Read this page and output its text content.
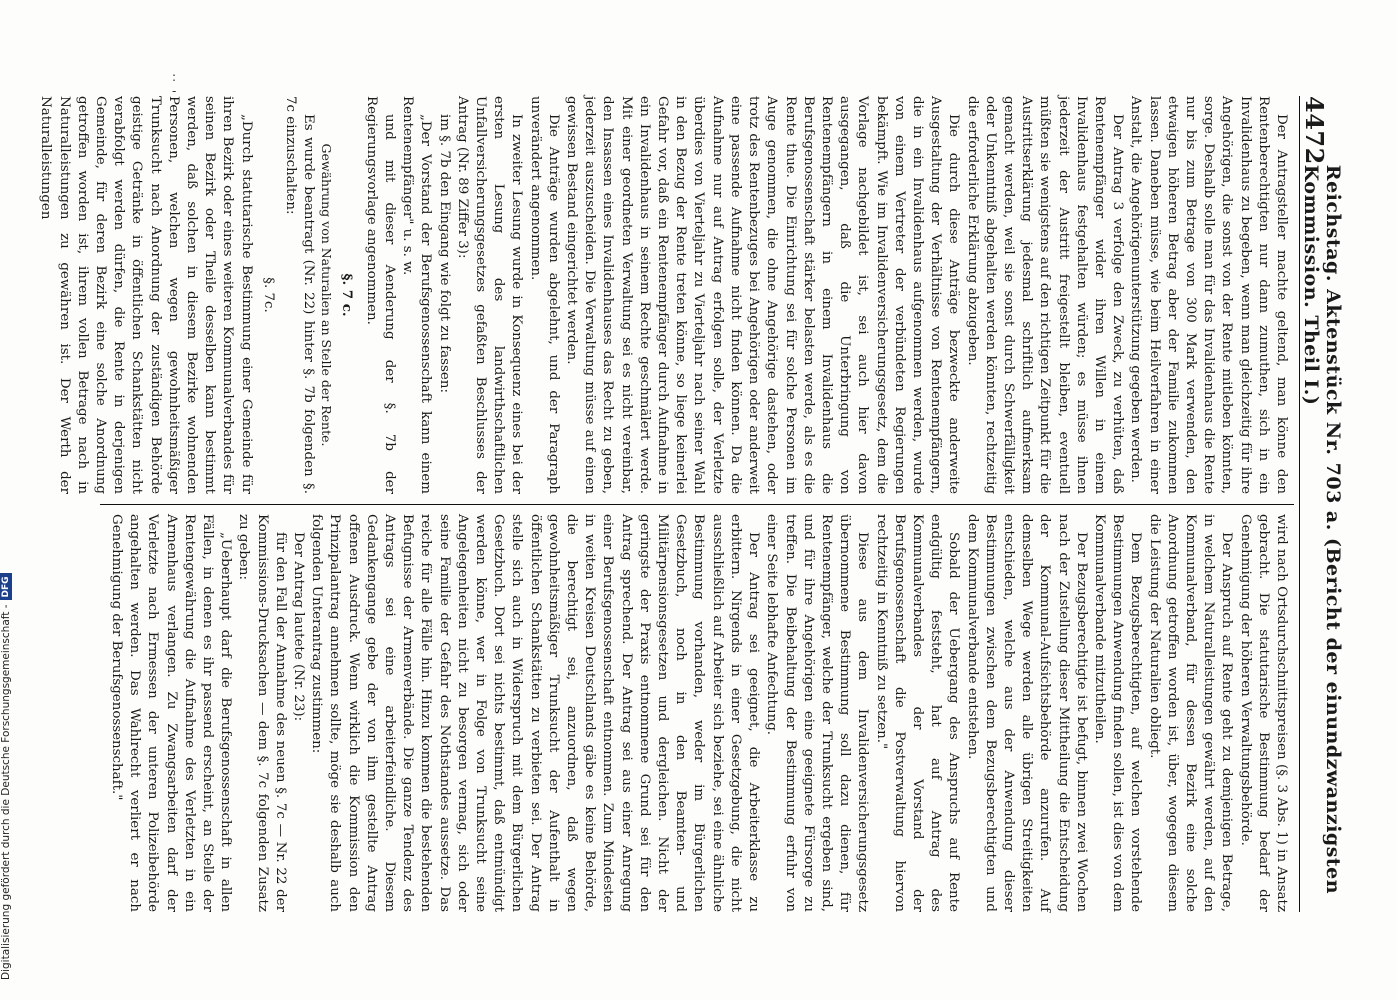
Digitalisierung gefördert durch die Deutsche Forschungsgemeinschaft -DFG
:
-
4472
Reichstag. Aktenstück Nr. 703 a. (Bericht der einundzwanzigsten Kommission. Theil I.)

Der Antragsteller machte geltend, man könne den Rentenberechtigten nur dann zumuthen, sich in ein Invalidenhaus zu begeben, wenn man gleichzeitig für ihre Angehörigen, die sonst von der Rente mitleben könnten, sorge. Deshalb solle man für das Invalidenhaus die Rente nur bis zum Betrage von 300 Mark verwenden, den etwaigen höheren Betrag aber der Familie zukommen lassen. Daneben müsse, wie beim Heilverfahren in einer Anstalt, die Angehörigenunterstützung gegeben werden.

Der Antrag 3 verfolge den Zweck, zu verhüten, daß Rentenempfänger wider ihren Willen in einem Invalidenhaus festgehalten würden; es müsse ihnen jederzeit der Austritt freigestellt bleiben, eventuell müßten sie wenigstens auf den richtigen Zeitpunkt für die Austrittserklärung jedesmal schriftlich aufmerksam gemacht werden, weil sie sonst durch Schwerfälligkeit oder Unkenntniß abgehalten werden könnten, rechtzeitig die erforderliche Erklärung abzugeben.

Die durch diese Anträge bezweckte anderweite Ausgestaltung der Verhältnisse von Rentenempfängern, die in ein Invalidenhaus aufgenommen werden, wurde von einem Vertreter der verbündeten Regierungen bekämpft. Wie im Invalidenversicherungsgesetz, dem die Vorlage nachgebildet ist, sei auch hier davon ausgegangen, daß die Unterbringung von Rentenempfängern in einem Invalidenhaus die Berufsgenossenschaft stärker belasten werde, als es die Rente thue. Die Einrichtung sei für solche Personen im Auge genommen, die ohne Angehörige dastehen, oder trotz des Rentenbezuges bei Angehörigen oder anderweit eine passende Aufnahme nicht finden können. Da die Aufnahme nur auf Antrag erfolgen solle, der Verletzte überdies von Vierteljahr zu Vierteljahr nach seiner Wahl in den Bezug der Rente treten könne, so liege keinerlei Gefahr vor, daß ein Rentenempfänger durch Aufnahme in ein Invalidenhaus in seinem Rechte geschmälert werde. Mit einer geordneten Verwaltung sei es nicht vereinbar, den Insassen eines Invalidenhauses das Recht zu geben, jederzeit auszuscheiden. Die Verwaltung müsse auf einen gewissen Bestand eingerichtet werden.

Die Anträge wurden abgelehnt, und der Paragraph unverändert angenommen.

In zweiter Lesung wurde in Konsequenz eines bei der ersten Lesung des landwirthschaftlichen Unfallversicherungsgesetzes gefaßten Beschlusses der Antrag (Nr. 89 Ziffer 3):

im §. 7b den Eingang wie folgt zu fassen:

„Der Vorstand der Berufsgenossenschaft kann einem Rentenempfänger" u. s. w.

und mit dieser Aenderung der §. 7b der Regierungsvorlage angenommen.

§. 7 c.

Gewährung von Naturalien an Stelle der Rente.

Es wurde beantragt (Nr. 22) hinter §. 7b folgenden §. 7c einzuschalten:

§. 7c.

„Durch statutarische Bestimmung einer Gemeinde für ihren Bezirk oder eines weiteren Kommunalverbandes für seinen Bezirk oder Theile desselben kann bestimmt werden, daß solchen in diesem Bezirke wohnenden Personen, welchen wegen gewohnheitsmäßiger Trunksucht nach Anordnung der zuständigen Behörde geistige Getränke in öffentlichen Schankstätten nicht verabfolgt werden dürfen, die Rente in derjenigen Gemeinde, für deren Bezirk eine solche Anordnung getroffen worden ist, ihrem vollen Betrage nach in Naturalleistungen zu gewähren ist. Der Werth der Naturalleistungen

wird nach Ortsdurchschnittspreisen (§. 3 Abs. 1) in Ansatz gebracht. Die statutarische Bestimmung bedarf der Genehmigung der höheren Verwaltungsbehörde.

Der Anspruch auf Rente geht zu demjenigen Betrage, in welchem Naturalleistungen gewährt werden, auf den Kommunalverband, für dessen Bezirk eine solche Anordnung getroffen worden ist, über, wogegen diesem die Leistung der Naturalien obliegt.

Dem Bezugsberechtigten, auf welchen vorstehende Bestimmungen Anwendung finden sollen, ist dies von dem Kommunalverbande mitzutheilen.

Der Bezugsberechtigte ist befugt, binnen zwei Wochen nach der Zustellung dieser Mittheilung die Entscheidung der Kommunal-Aufsichtsbehörde anzurufen. Auf demselben Wege werden alle übrigen Streitigkeiten entschieden, welche aus der Anwendung dieser Bestimmungen zwischen dem Bezugsberechtigten und dem Kommunalverbande entstehen.

Sobald der Uebergang des Anspruchs auf Rente endgültig feststeht, hat auf Antrag des Kommunalverbandes der Vorstand der Berufsgenossenschaft die Postverwaltung hiervon rechtzeitig in Kenntniß zu setzen."

Diese aus dem Invalidenversicherungsgesetz übernommene Bestimmung soll dazu dienen, für Rentenempfänger, welche der Trunksucht ergeben sind, und für ihre Angehörigen eine geeignete Fürsorge zu treffen. Die Beibehaltung der Bestimmung erfuhr von einer Seite lebhafte Anfechtung.

Der Antrag sei geeignet, die Arbeiterklasse zu erbittern. Nirgends in einer Gesetzgebung, die nicht ausschließlich auf Arbeiter sich beziehe, sei eine ähnliche Bestimmung vorhanden, weder im Bürgerlichen Gesetzbuch, noch in den Beamten- und Militärpensionsgesetzen und dergleichen. Nicht der geringste der Praxis entnommene Grund sei für den Antrag sprechend. Der Antrag sei aus einer Anregung einer Berufsgenossenschaft entnommen. Zum Mindesten in weiten Kreisen Deutschlands gäbe es keine Behörde, die berechtigt sei, anzuordnen, daß wegen gewohnheitsmäßiger Trunksucht der Aufenthalt in öffentlichen Schankstätten zu verbieten sei. Der Antrag stelle sich auch in Widerspruch mit dem Bürgerlichen Gesetzbuch. Dort sei nichts bestimmt, daß entmündigt werden könne, wer in Folge von Trunksucht seine Angelegenheiten nicht zu besorgen vermag, sich oder seine Familie der Gefahr des Nothstandes aussetze. Das reiche für alle Fälle hin. Hinzu kommen die bestehenden Befugnisse der Armenverbände. Die ganze Tendenz des Antrags sei eine arbeiterfeindliche. Diesem Gedankengange gebe der von ihm gestellte Antrag offenen Ausdruck. Wenn wirklich die Kommission den Prinzipalantrag annehmen sollte, möge sie deshalb auch folgenden Unterantrag zustimmen:

Der Antrag lautete (Nr. 23):

für den Fall der Annahme des neuen §. 7c — Nr. 22 der Kommissions-Drucksachen — dem §. 7c folgenden Zusatz zu geben:

„Ueberhaupt darf die Berufsgenossenschaft in allen Fällen, in denen es ihr passend erscheint, an Stelle der Rentengewährung die Aufnahme des Verletzten in ein Armenhaus verlangen. Zu Zwangsarbeiten darf der Verletzte nach Ermessen der unteren Polizeibehörde angehalten werden. Das Wahlrecht verliert er nach Genehmigung der Berufsgenossenschaft."
